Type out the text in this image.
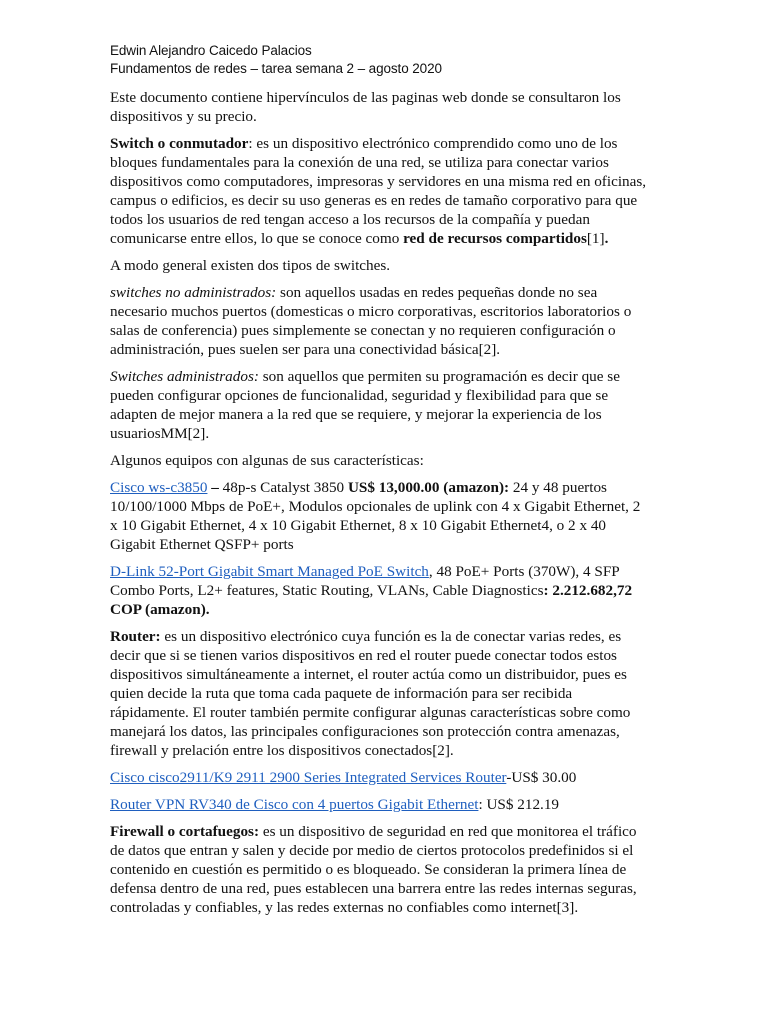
Edwin Alejandro Caicedo Palacios

Fundamentos de redes – tarea semana 2 – agosto 2020

Este documento contiene hipervínculos de las paginas web donde se consultaron los dispositivos y su precio.

Switch o conmutador: es un dispositivo electrónico comprendido como uno de los bloques fundamentales para la conexión de una red, se utiliza para conectar varios dispositivos como computadores, impresoras y servidores en una misma red en oficinas, campus o edificios, es decir su uso generas es en redes de tamaño corporativo para que todos los usuarios de red tengan acceso a los recursos de la compañía y puedan comunicarse entre ellos, lo que se conoce como red de recursos compartidos[1].

A modo general existen dos tipos de switches.

switches no administrados: son aquellos usadas en redes pequeñas donde no sea necesario muchos puertos (domesticas o micro corporativas, escritorios laboratorios o salas de conferencia) pues simplemente se conectan y no requieren configuración o administración, pues suelen ser para una conectividad básica[2].

Switches administrados: son aquellos que permiten su programación es decir que se pueden configurar opciones de funcionalidad, seguridad y flexibilidad para que se adapten de mejor manera a la red que se requiere, y mejorar la experiencia de los usuariosMM[2].

Algunos equipos con algunas de sus características:

Cisco ws-c3850 – 48p-s Catalyst 3850 US$ 13,000.00 (amazon): 24 y 48 puertos 10/100/1000 Mbps de PoE+, Modulos opcionales de uplink con 4 x Gigabit Ethernet, 2 x 10 Gigabit Ethernet, 4 x 10 Gigabit Ethernet, 8 x 10 Gigabit Ethernet4, o 2 x 40 Gigabit Ethernet QSFP+ ports

D-Link 52-Port Gigabit Smart Managed PoE Switch, 48 PoE+ Ports (370W), 4 SFP Combo Ports, L2+ features, Static Routing, VLANs, Cable Diagnostics: 2.212.682,72 COP (amazon).

Router: es un dispositivo electrónico cuya función es la de conectar varias redes, es decir que si se tienen varios dispositivos en red el router puede conectar todos estos dispositivos simultáneamente a internet, el router actúa como un distribuidor, pues es quien decide la ruta que toma cada paquete de información para ser recibida rápidamente. El router también permite configurar algunas características sobre como manejará los datos, las principales configuraciones son protección contra amenazas, firewall y prelación entre los dispositivos conectados[2].

Cisco cisco2911/K9 2911 2900 Series Integrated Services Router-US$ 30.00

Router VPN RV340 de Cisco con 4 puertos Gigabit Ethernet: US$ 212.19

Firewall o cortafuegos: es un dispositivo de seguridad en red que monitorea el tráfico de datos que entran y salen y decide por medio de ciertos protocolos predefinidos si el contenido en cuestión es permitido o es bloqueado. Se consideran la primera línea de defensa dentro de una red, pues establecen una barrera entre las redes internas seguras, controladas y confiables, y las redes externas no confiables como internet[3].
